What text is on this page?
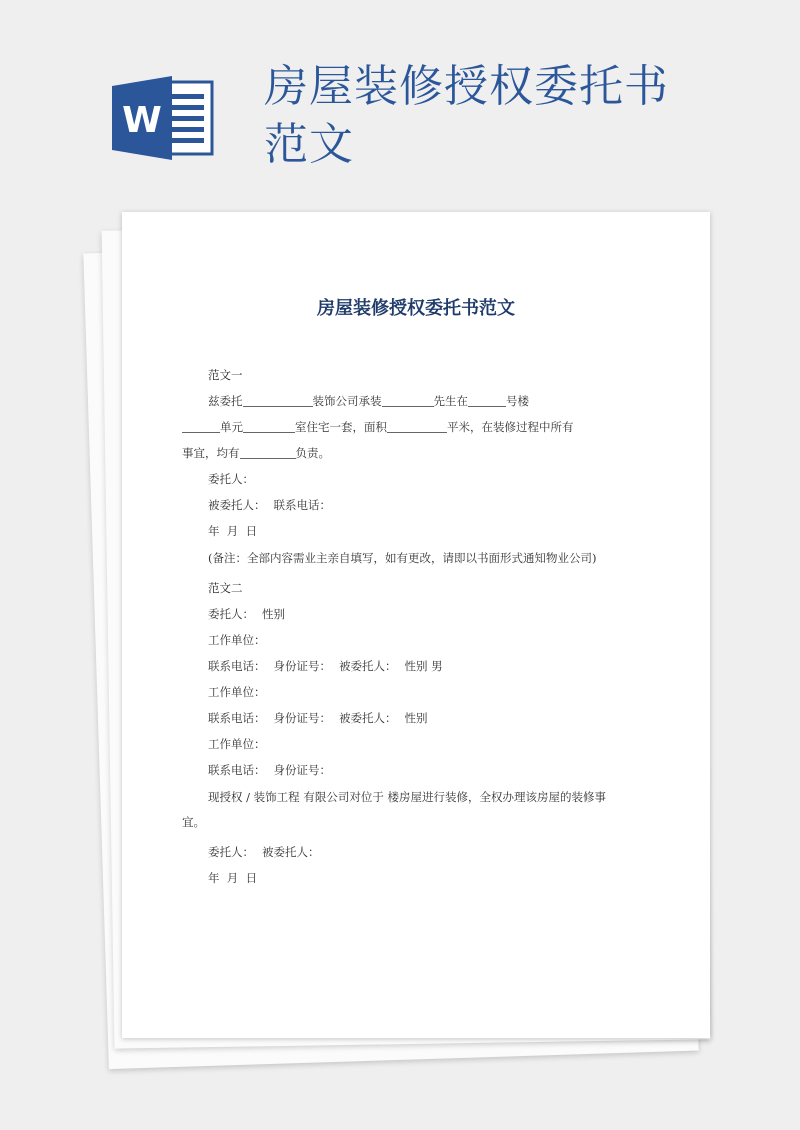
W
房屋装修授权委托书范文
房屋装修授权委托书范文
范文一
兹委托	装饰公司承装	先生在	号楼
单元	室住宅一套，面积	平米，在装修过程中所有
事宜，均有	负责。
委托人：
被委托人： 联系电话：
年  月  日
(备注：全部内容需业主亲自填写，如有更改，请即以书面形式通知物业公司)
范文二
委托人： 性别
工作单位：
联系电话： 身份证号： 被委托人： 性别 男
工作单位：
联系电话： 身份证号： 被委托人： 性别
工作单位：
联系电话： 身份证号：
现授权 / 装饰工程 有限公司对位于 楼房屋进行装修，全权办理该房屋的装修事宜。
委托人： 被委托人：
年  月  日
